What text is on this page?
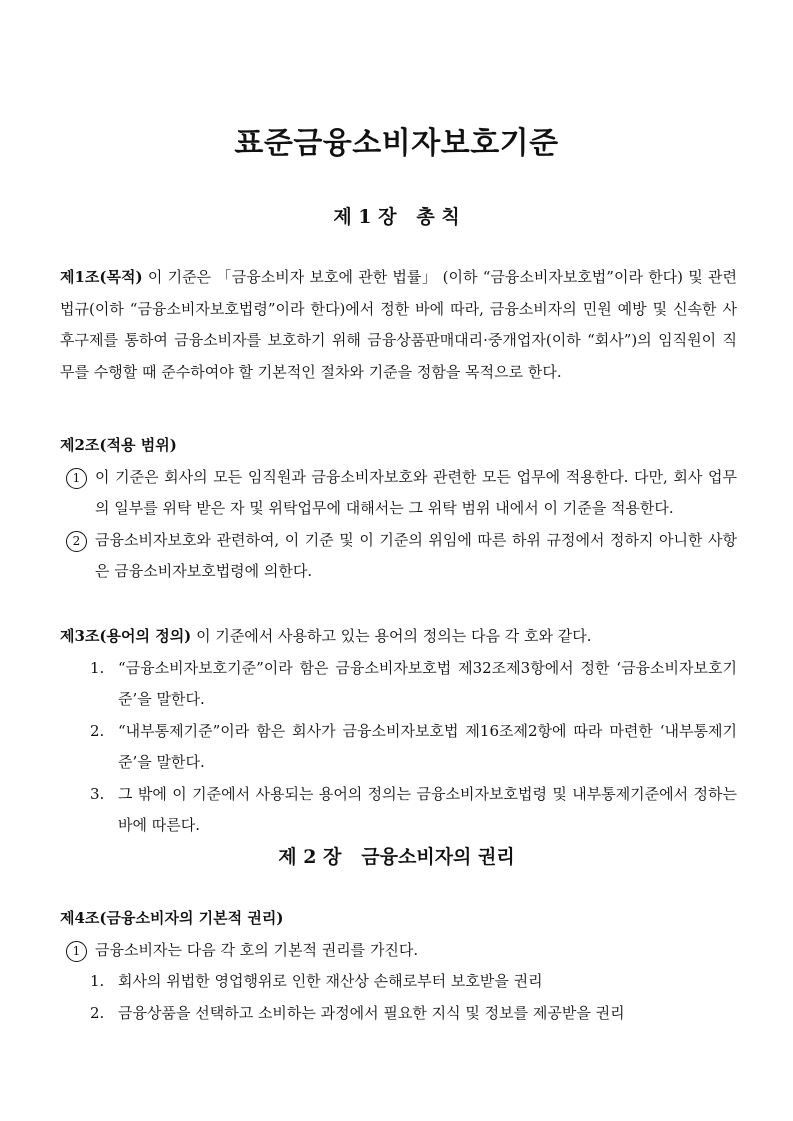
표준금융소비자보호기준
제 1 장 총 칙
제1조(목적) 이 기준은 「금융소비자 보호에 관한 법률」 (이하 “금융소비자보호법”이라 한다) 및 관련 법규(이하 “금융소비자보호법령”이라 한다)에서 정한 바에 따라, 금융소비자의 민원 예방 및 신속한 사후구제를 통하여 금융소비자를 보호하기 위해 금융상품판매대리·중개업자(이하 “회사”)의 임직원이 직무를 수행할 때 준수하여야 할 기본적인 절차와 기준을 정함을 목적으로 한다.
제2조(적용 범위)
1 이 기준은 회사의 모든 임직원과 금융소비자보호와 관련한 모든 업무에 적용한다. 다만, 회사 업무의 일부를 위탁 받은 자 및 위탁업무에 대해서는 그 위탁 범위 내에서 이 기준을 적용한다.
2 금융소비자보호와 관련하여, 이 기준 및 이 기준의 위임에 따른 하위 규정에서 정하지 아니한 사항은 금융소비자보호법령에 의한다.
제3조(용어의 정의) 이 기준에서 사용하고 있는 용어의 정의는 다음 각 호와 같다.
1. “금융소비자보호기준”이라 함은 금융소비자보호법 제32조제3항에서 정한 ‘금융소비자보호기준’을 말한다.
2. “내부통제기준”이라 함은 회사가 금융소비자보호법 제16조제2항에 따라 마련한 ‘내부통제기준’을 말한다.
3. 그 밖에 이 기준에서 사용되는 용어의 정의는 금융소비자보호법령 및 내부통제기준에서 정하는 바에 따른다.
제 2 장 금융소비자의 권리
제4조(금융소비자의 기본적 권리)
1 금융소비자는 다음 각 호의 기본적 권리를 가진다.
1. 회사의 위법한 영업행위로 인한 재산상 손해로부터 보호받을 권리
2. 금융상품을 선택하고 소비하는 과정에서 필요한 지식 및 정보를 제공받을 권리
